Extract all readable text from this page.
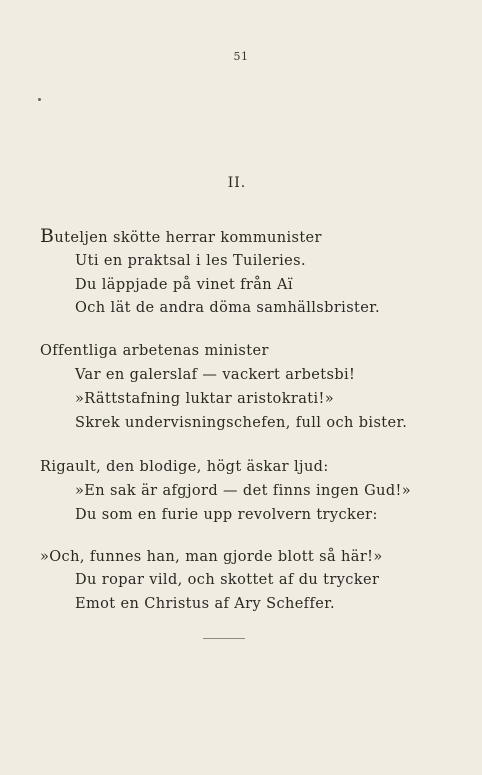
51
II.
Buteljen skötte herrar kommunister
Uti en praktsal i les Tuileries.
Du läppjade på vinet från Aï
Och lät de andra döma samhällsbrister.
Offentliga arbetenas minister
Var en galerslaf — vackert arbetsbi!
»Rättstafning luktar aristokrati!»
Skrek undervisningschefen, full och bister.
Rigault, den blodige, högt äskar ljud:
»En sak är afgjord — det finns ingen Gud!»
Du som en furie upp revolvern trycker:
»Och, funnes han, man gjorde blott så här!»
Du ropar vild, och skottet af du trycker
Emot en Christus af Ary Scheffer.
